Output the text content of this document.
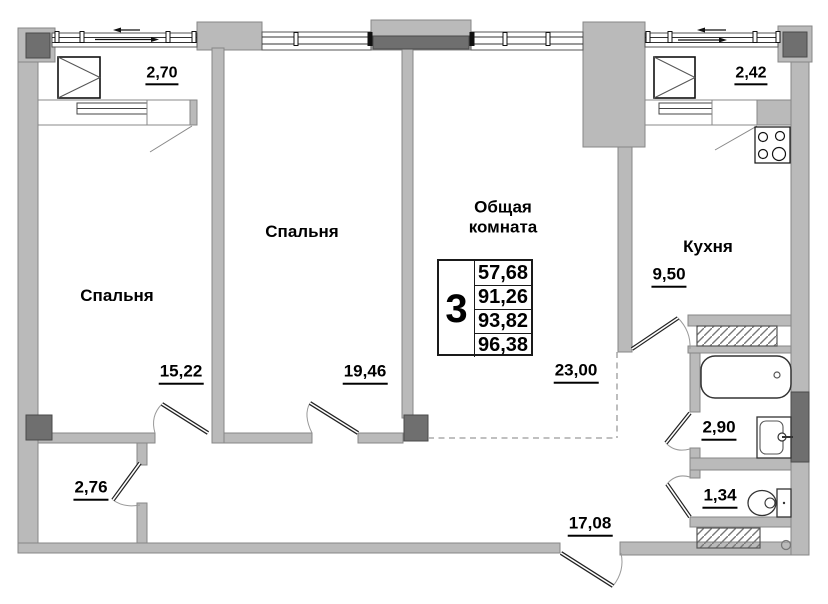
2,70	2,42
Спальня
15,22
Спальня
19,46
Общая комната
23,00
Кухня
9,50
2,76
2,90
1,34
17,08
3
57,68
91,26
93,82
96,38
